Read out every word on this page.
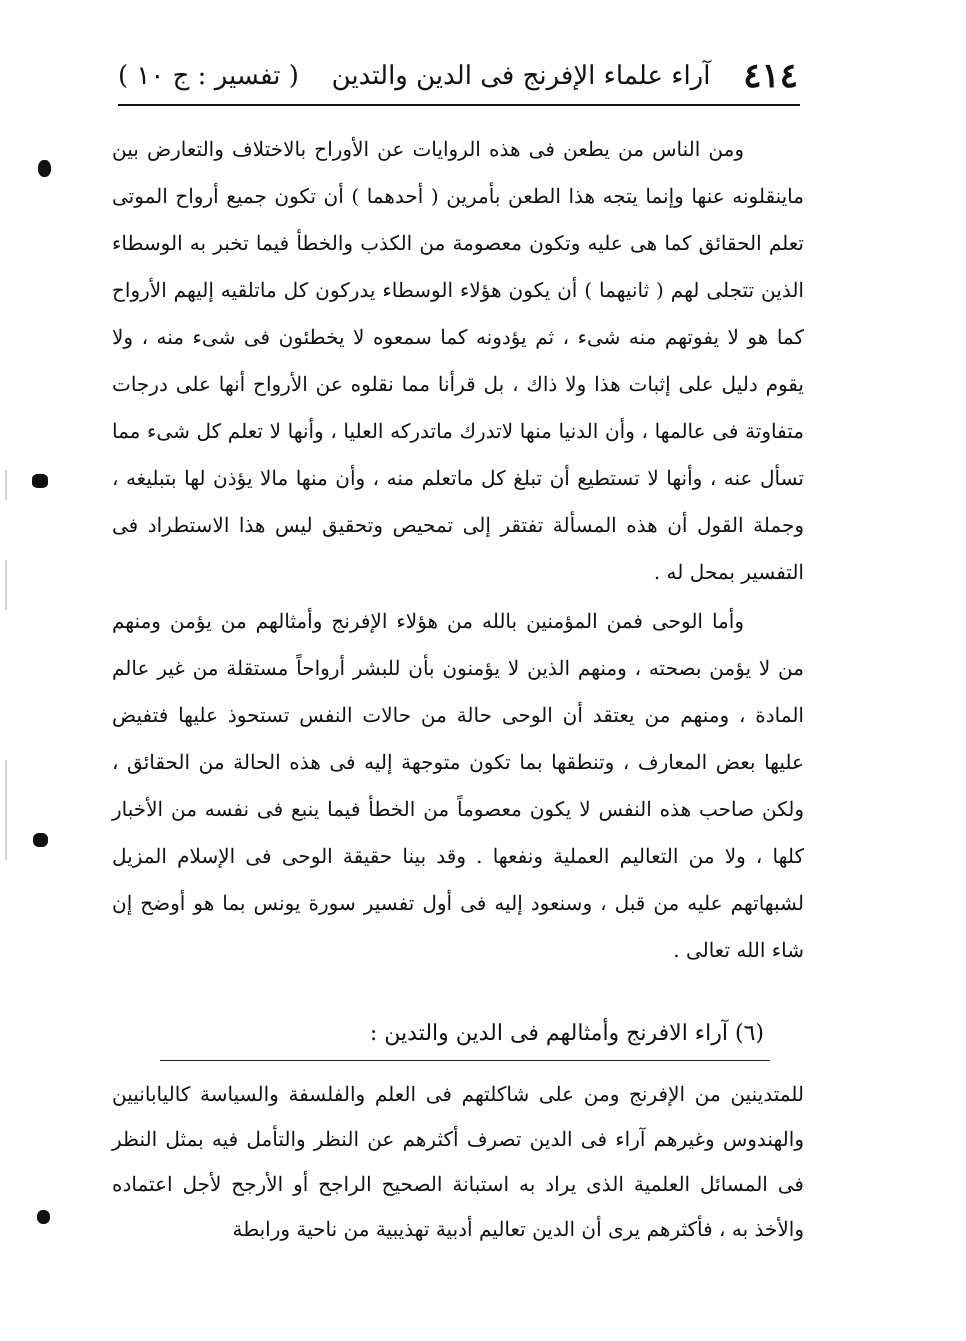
٤١٤
آراء علماء الإفرنج فى الدين والتدين
( تفسير : ج ١٠ )

ومن الناس من يطعن فى هذه الروايات عن الأوراح بالاختلاف والتعارض بين ماينقلونه عنها وإنما يتجه هذا الطعن بأمرين ( أحدهما ) أن تكون جميع أرواح الموتى تعلم الحقائق كما هى عليه وتكون معصومة من الكذب والخطأ فيما تخبر به الوسطاء الذين تتجلى لهم ( ثانيهما ) أن يكون هؤلاء الوسطاء يدركون كل ماتلقيه إليهم الأرواح كما هو لا يفوتهم منه شىء ، ثم يؤدونه كما سمعوه لا يخطئون فى شىء منه ، ولا يقوم دليل على إثبات هذا ولا ذاك ، بل قرأنا مما نقلوه عن الأرواح أنها على درجات متفاوتة فى عالمها ، وأن الدنيا منها لاتدرك ماتدركه العليا ، وأنها لا تعلم كل شىء مما تسأل عنه ، وأنها لا تستطيع أن تبلغ كل ماتعلم منه ، وأن منها مالا يؤذن لها بتبليغه ، وجملة القول أن هذه المسألة تفتقر إلى تمحيص وتحقيق ليس هذا الاستطراد فى التفسير بمحل له .

وأما الوحى فمن المؤمنين بالله من هؤلاء الإفرنج وأمثالهم من يؤمن ومنهم من لا يؤمن بصحته ، ومنهم الذين لا يؤمنون بأن للبشر أرواحاً مستقلة من غير عالم المادة ، ومنهم من يعتقد أن الوحى حالة من حالات النفس تستحوذ عليها فتفيض عليها بعض المعارف ، وتنطقها بما تكون متوجهة إليه فى هذه الحالة من الحقائق ، ولكن صاحب هذه النفس لا يكون معصوماً من الخطأ فيما ينبع فى نفسه من الأخبار كلها ، ولا من التعاليم العملية ونفعها . وقد بينا حقيقة الوحى فى الإسلام المزيل لشبهاتهم عليه من قبل ، وسنعود إليه فى أول تفسير سورة يونس بما هو أوضح إن شاء الله تعالى .

(٦) آراء الافرنج وأمثالهم فى الدين والتدين :

للمتدينين من الإفرنج ومن على شاكلتهم فى العلم والفلسفة والسياسة كاليابانيين والهندوس وغيرهم آراء فى الدين تصرف أكثرهم عن النظر والتأمل فيه بمثل النظر فى المسائل العلمية الذى يراد به استبانة الصحيح الراجح أو الأرجح لأجل اعتماده والأخذ به ، فأكثرهم يرى أن الدين تعاليم أدبية تهذيبية من ناحية ورابطة
